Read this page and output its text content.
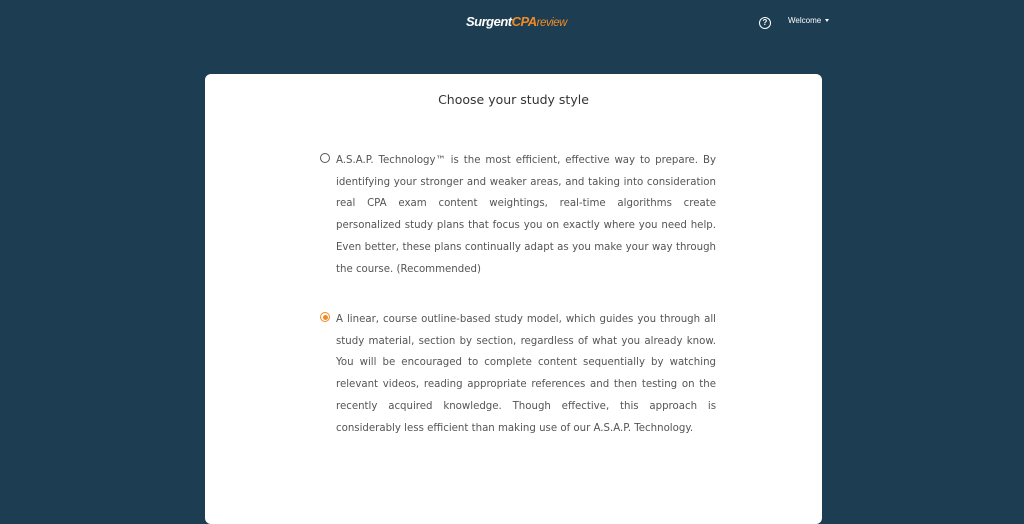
SurgentCPAreview	?	Welcome
Choose your study style

A.S.A.P. Technology™ is the most efficient, effective way to prepare. By identifying your stronger and weaker areas, and taking into consideration real CPA exam content weightings, real-time algorithms create personalized study plans that focus you on exactly where you need help. Even better, these plans continually adapt as you make your way through the course. (Recommended)

A linear, course outline-based study model, which guides you through all study material, section by section, regardless of what you already know. You will be encouraged to complete content sequentially by watching relevant videos, reading appropriate references and then testing on the recently acquired knowledge. Though effective, this approach is considerably less efficient than making use of our A.S.A.P. Technology.
